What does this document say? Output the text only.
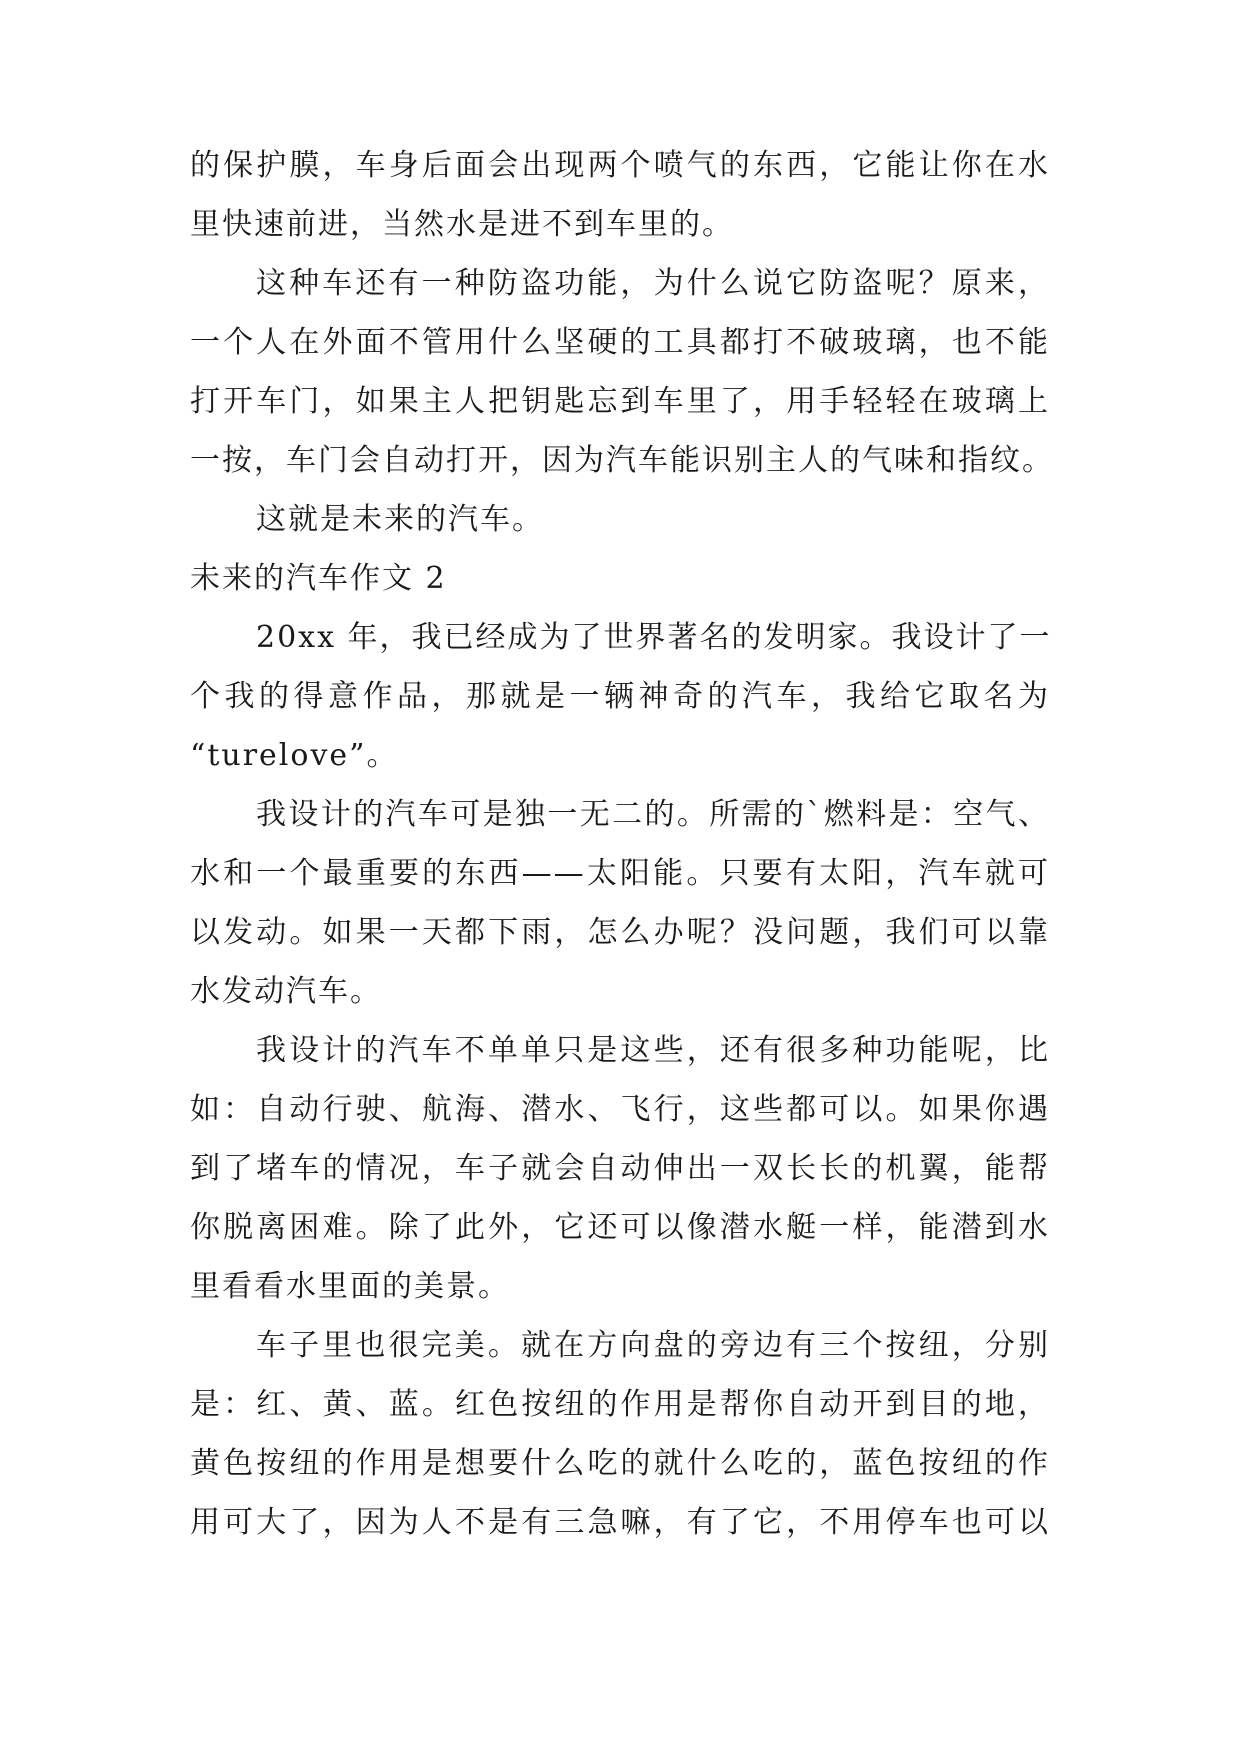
的保护膜，车身后面会出现两个喷气的东西，它能让你在水

里快速前进，当然水是进不到车里的。

这种车还有一种防盗功能，为什么说它防盗呢？原来，

一个人在外面不管用什么坚硬的工具都打不破玻璃，也不能

打开车门，如果主人把钥匙忘到车里了，用手轻轻在玻璃上

一按，车门会自动打开，因为汽车能识别主人的气味和指纹。

这就是未来的汽车。

未来的汽车作文 2

20xx 年，我已经成为了世界著名的发明家。我设计了一

个我的得意作品，那就是一辆神奇的汽车，我给它取名为

“turelove”。

我设计的汽车可是独一无二的。所需的`燃料是：空气、

水和一个最重要的东西——太阳能。只要有太阳，汽车就可

以发动。如果一天都下雨，怎么办呢？没问题，我们可以靠

水发动汽车。

我设计的汽车不单单只是这些，还有很多种功能呢，比

如：自动行驶、航海、潜水、飞行，这些都可以。如果你遇

到了堵车的情况，车子就会自动伸出一双长长的机翼，能帮

你脱离困难。除了此外，它还可以像潜水艇一样，能潜到水

里看看水里面的美景。

车子里也很完美。就在方向盘的旁边有三个按纽，分别

是：红、黄、蓝。红色按纽的作用是帮你自动开到目的地，

黄色按纽的作用是想要什么吃的就什么吃的，蓝色按纽的作

用可大了，因为人不是有三急嘛，有了它，不用停车也可以
